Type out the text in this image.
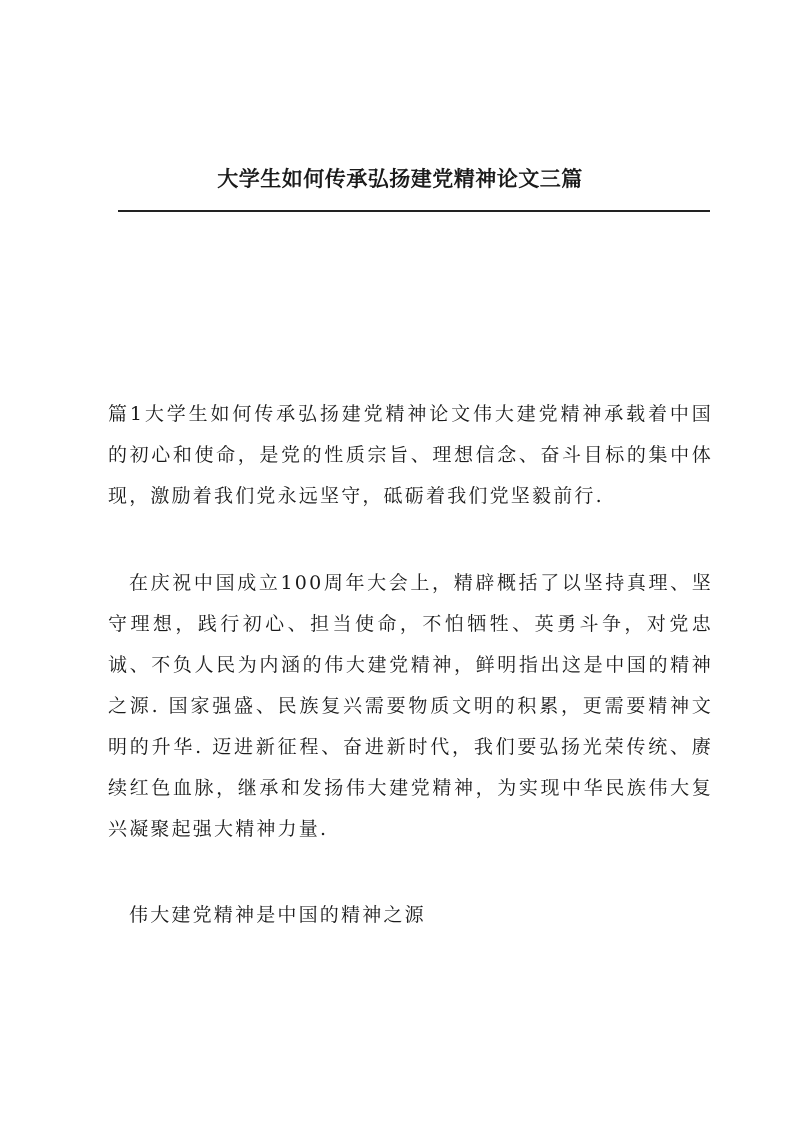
大学生如何传承弘扬建党精神论文三篇

篇1大学生如何传承弘扬建党精神论文伟大建党精神承载着中国的初心和使命，是党的性质宗旨、理想信念、奋斗目标的集中体现，激励着我们党永远坚守，砥砺着我们党坚毅前行.

在庆祝中国成立100周年大会上，精辟概括了以坚持真理、坚守理想，践行初心、担当使命，不怕牺牲、英勇斗争，对党忠诚、不负人民为内涵的伟大建党精神，鲜明指出这是中国的精神之源. 国家强盛、民族复兴需要物质文明的积累，更需要精神文明的升华. 迈进新征程、奋进新时代，我们要弘扬光荣传统、赓续红色血脉，继承和发扬伟大建党精神，为实现中华民族伟大复兴凝聚起强大精神力量.

伟大建党精神是中国的精神之源
